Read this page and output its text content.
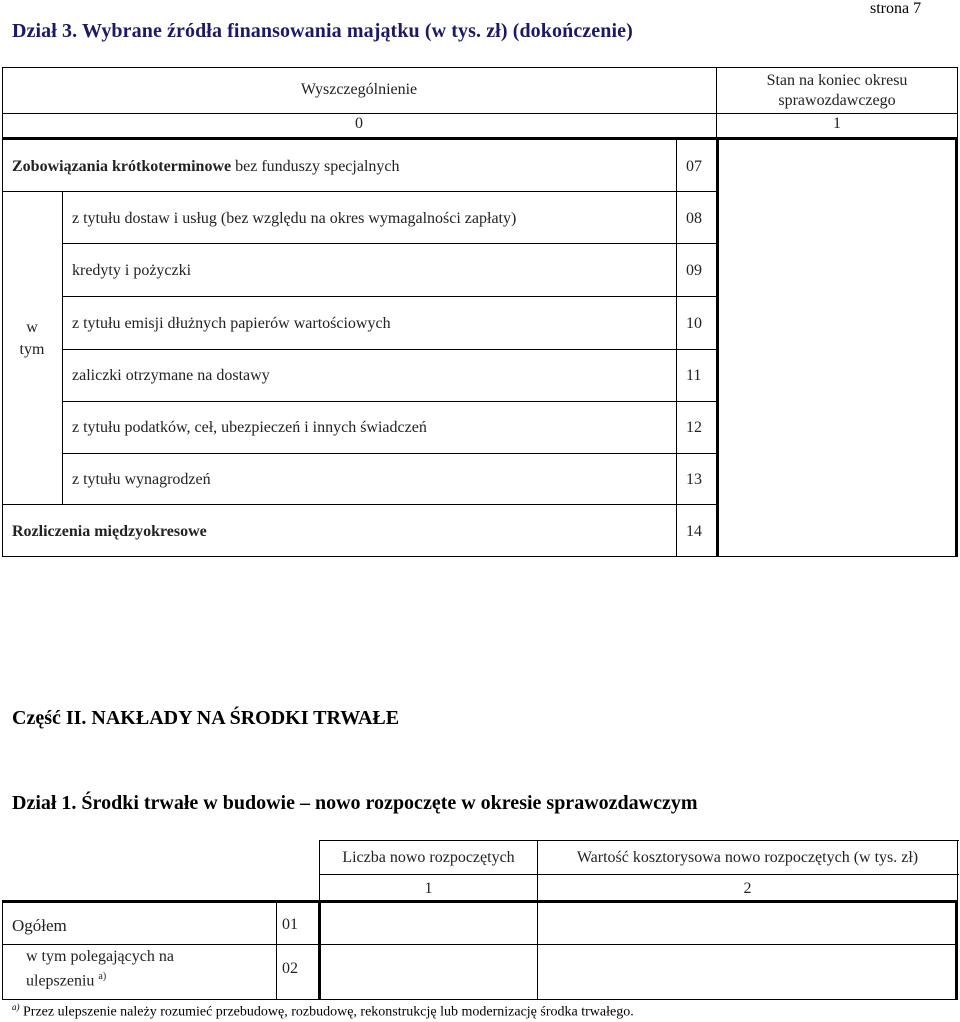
Dział 3. Wybrane źródła finansowania majątku (w tys. zł) (dokończenie)
strona 7
Wyszczególnienie
Stan na koniec okresu
sprawozdawczego
0	1
Zobowiązania krótkoterminowe bez funduszy specjalnych	07
w
tym
z tytułu dostaw i usług (bez względu na okres wymagalności zapłaty)	08
kredyty i pożyczki	09
z tytułu emisji dłużnych papierów wartościowych	10
zaliczki otrzymane na dostawy	11
z tytułu podatków, ceł, ubezpieczeń i innych świadczeń	12
z tytułu wynagrodzeń	13
Rozliczenia międzyokresowe	14
Część II. NAKŁADY NA ŚRODKI TRWAŁE
Dział 1. Środki trwałe w budowie – nowo rozpoczęte w okresie sprawozdawczym
Liczba nowo rozpoczętych	Wartość kosztorysowa nowo rozpoczętych (w tys. zł)
1	2
Ogółem	01
w tym polegających na
ulepszeniu $^{a)}$	02
$^{a)}$ Przez ulepszenie należy rozumieć przebudowę, rozbudowę, rekonstrukcję lub modernizację środka trwałego.
